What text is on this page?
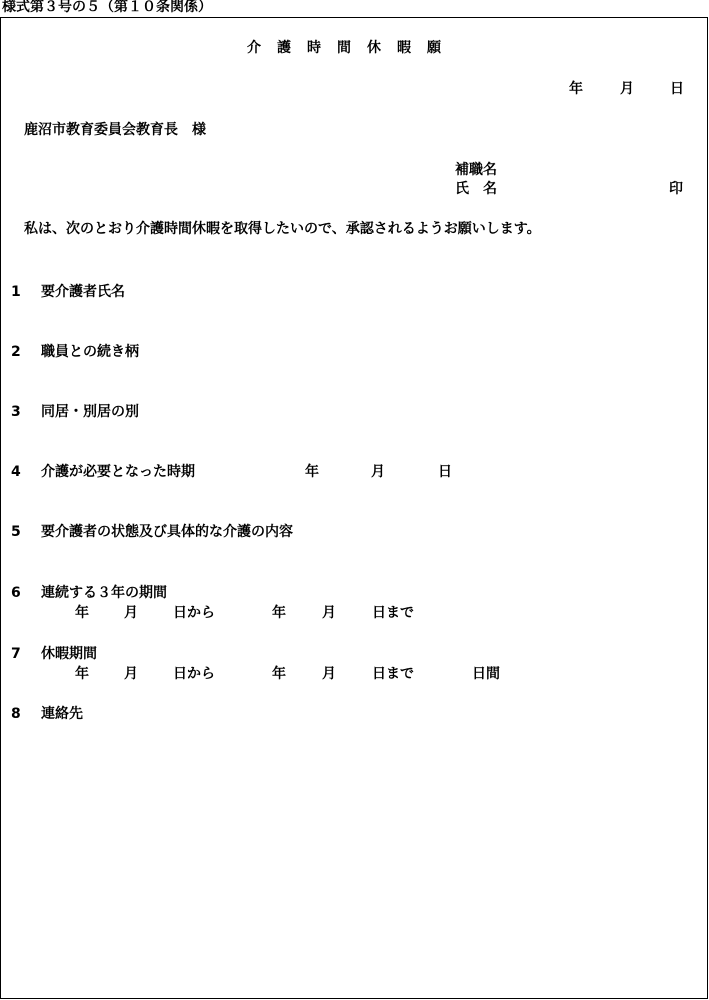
様式第３号の５（第１０条関係）
介護時間休暇願
年	月	日
鹿沼市教育委員会教育長　様
補職名
氏　名	印
私は、次のとおり介護時間休暇を取得したいので、承認されるようお願いします。
1 要介護者氏名
2 職員との続き柄
3 同居・別居の別
4 介護が必要となった時期	年	月	日
5 要介護者の状態及び具体的な介護の内容
6 連続する３年の期間
年	月	日から	年	月	日まで
7 休暇期間
年	月	日から	年	月	日まで	日間
8 連絡先
